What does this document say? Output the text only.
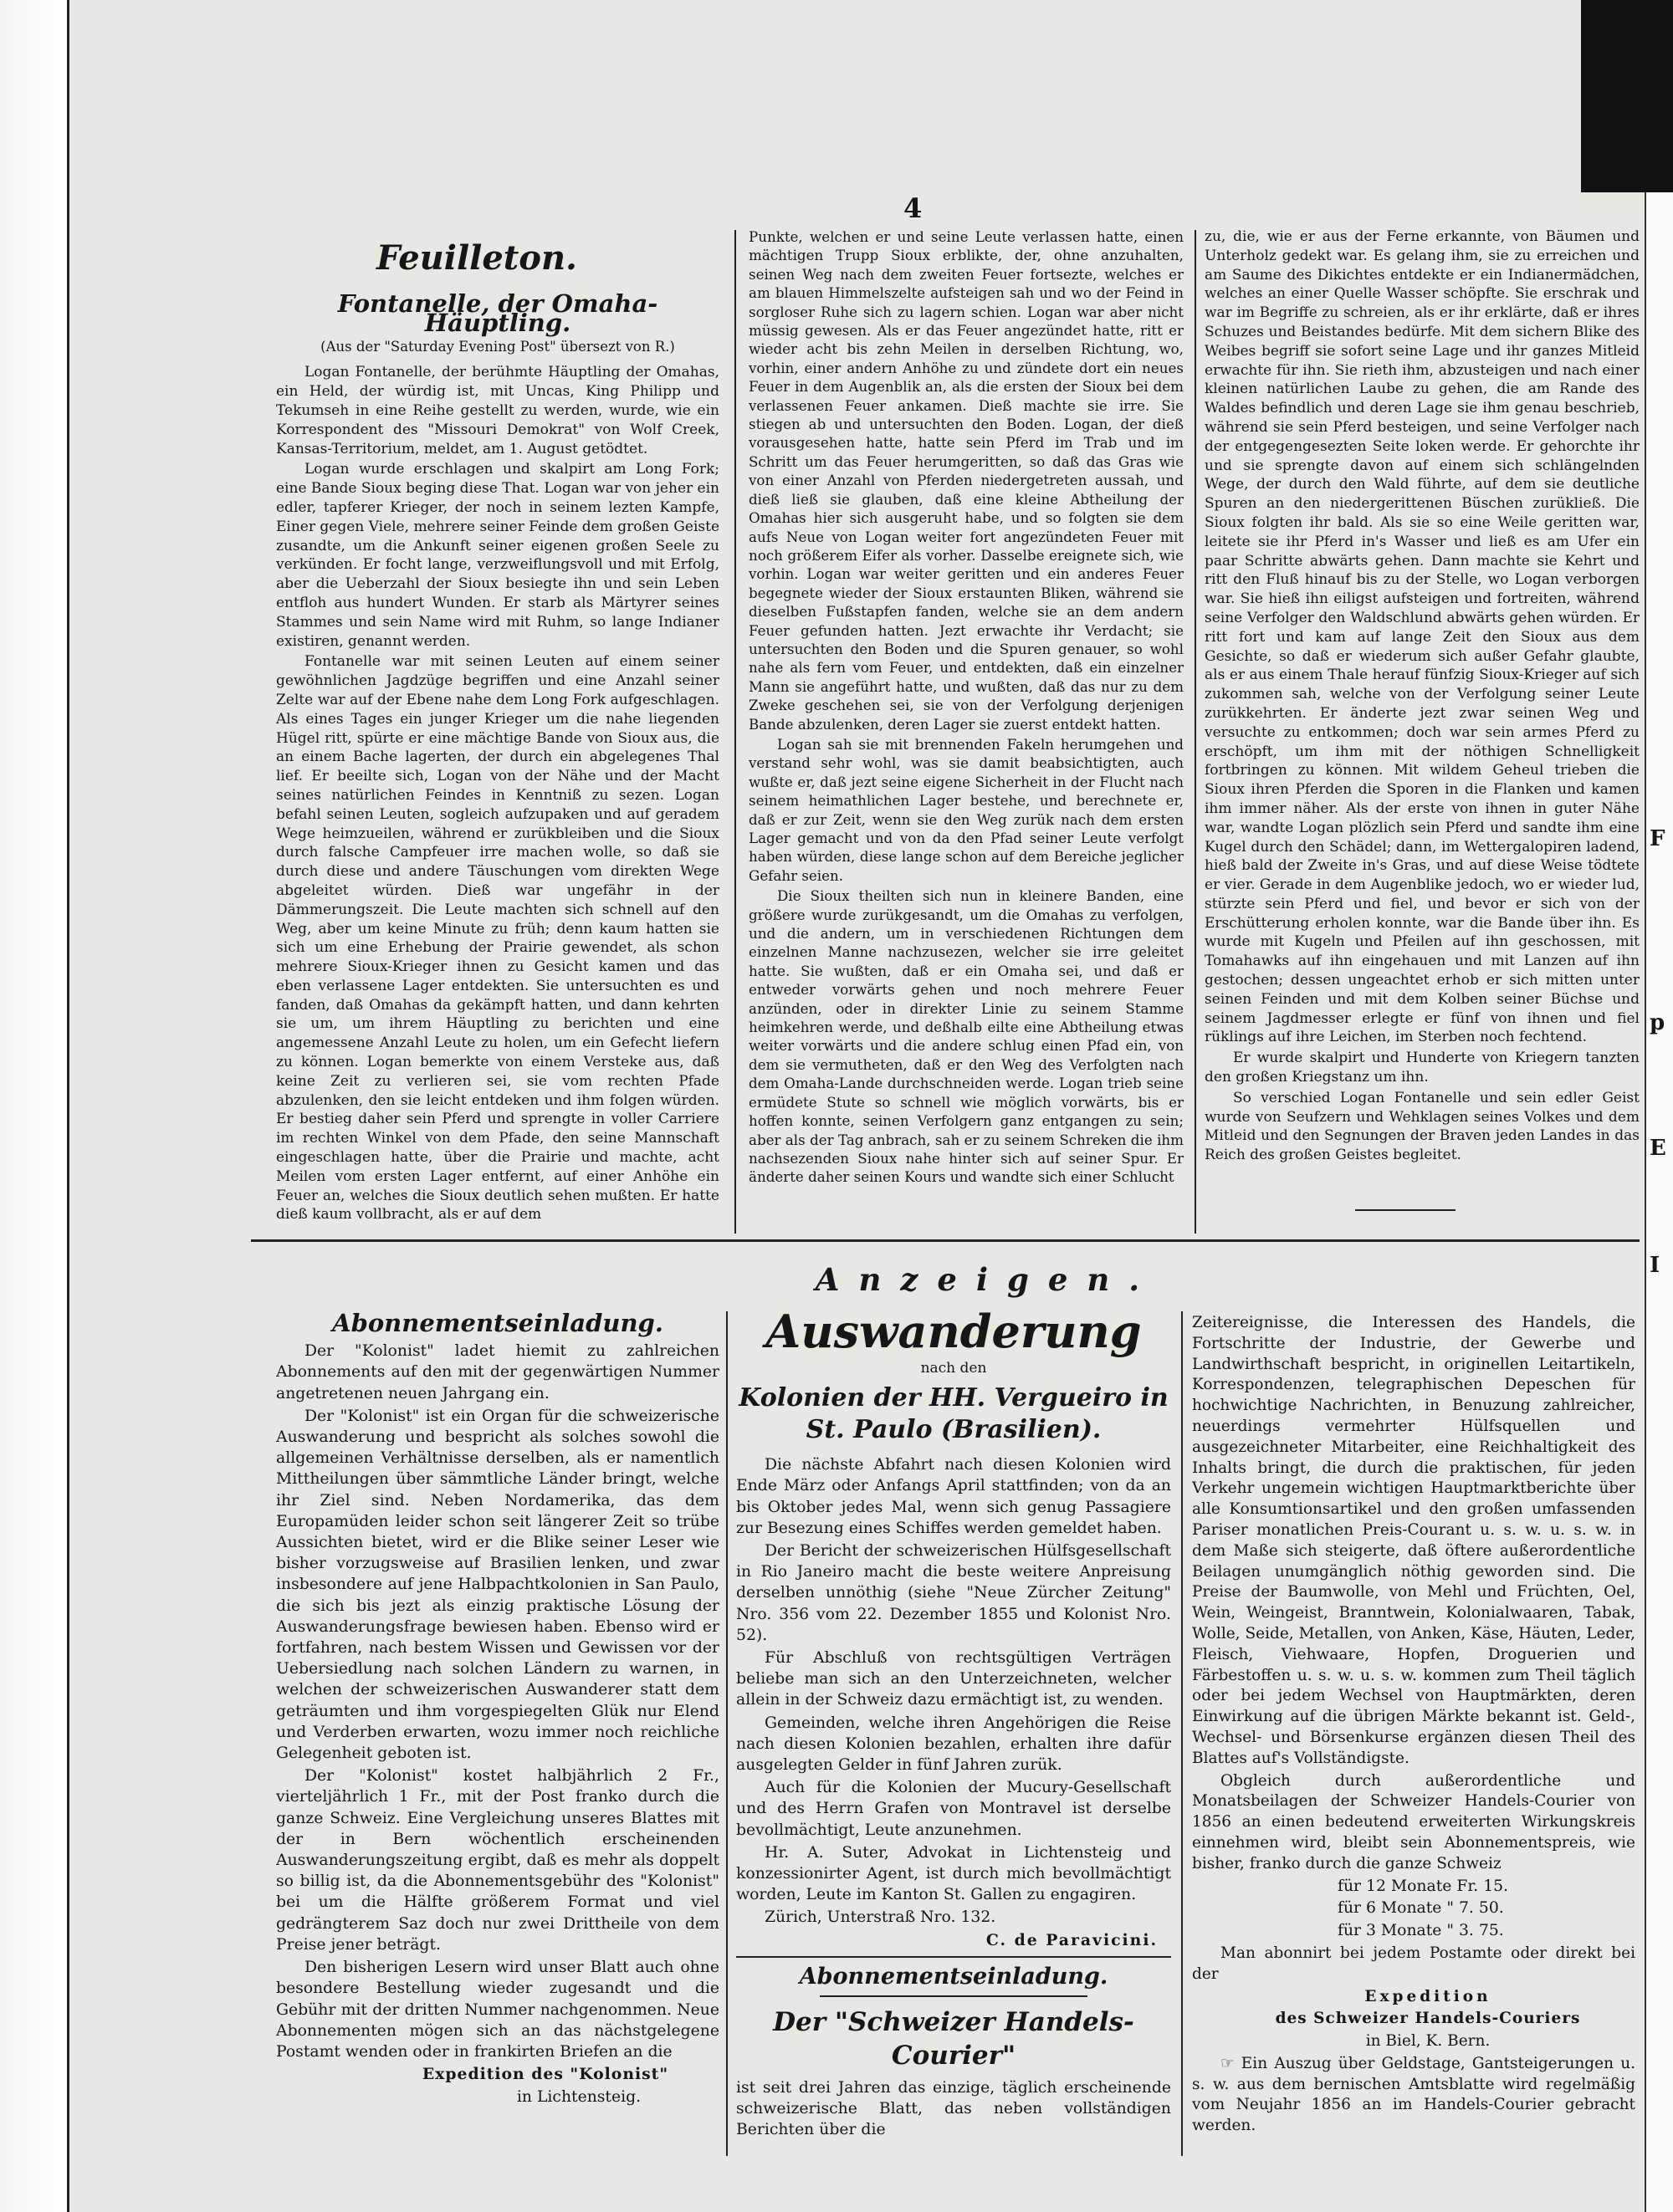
F
p
E
I
4
Feuilleton.
Fontanelle, der Omaha-Häuptling.
(Aus der "Saturday Evening Post" übersezt von R.)

Logan Fontanelle, der berühmte Häuptling der Omahas, ein Held, der würdig ist, mit Uncas, King Philipp und Tekumseh in eine Reihe gestellt zu werden, wurde, wie ein Korrespondent des "Missouri Demokrat" von Wolf Creek, Kansas-Territorium, meldet, am 1. August getödtet.

Logan wurde erschlagen und skalpirt am Long Fork; eine Bande Sioux beging diese That. Logan war von jeher ein edler, tapferer Krieger, der noch in seinem lezten Kampfe, Einer gegen Viele, mehrere seiner Feinde dem großen Geiste zusandte, um die Ankunft seiner eigenen großen Seele zu verkünden. Er focht lange, verzweiflungsvoll und mit Erfolg, aber die Ueberzahl der Sioux besiegte ihn und sein Leben entfloh aus hundert Wunden. Er starb als Märtyrer seines Stammes und sein Name wird mit Ruhm, so lange Indianer existiren, genannt werden.

Fontanelle war mit seinen Leuten auf einem seiner gewöhnlichen Jagdzüge begriffen und eine Anzahl seiner Zelte war auf der Ebene nahe dem Long Fork aufgeschlagen. Als eines Tages ein junger Krieger um die nahe liegenden Hügel ritt, spürte er eine mächtige Bande von Sioux aus, die an einem Bache lagerten, der durch ein abgelegenes Thal lief. Er beeilte sich, Logan von der Nähe und der Macht seines natürlichen Feindes in Kenntniß zu sezen. Logan befahl seinen Leuten, sogleich aufzupaken und auf geradem Wege heimzueilen, während er zurükbleiben und die Sioux durch falsche Campfeuer irre machen wolle, so daß sie durch diese und andere Täuschungen vom direkten Wege abgeleitet würden. Dieß war ungefähr in der Dämmerungszeit. Die Leute machten sich schnell auf den Weg, aber um keine Minute zu früh; denn kaum hatten sie sich um eine Erhebung der Prairie gewendet, als schon mehrere Sioux-Krieger ihnen zu Gesicht kamen und das eben verlassene Lager entdekten. Sie untersuchten es und fanden, daß Omahas da gekämpft hatten, und dann kehrten sie um, um ihrem Häuptling zu berichten und eine angemessene Anzahl Leute zu holen, um ein Gefecht liefern zu können. Logan bemerkte von einem Versteke aus, daß keine Zeit zu verlieren sei, sie vom rechten Pfade abzulenken, den sie leicht entdeken und ihm folgen würden. Er bestieg daher sein Pferd und sprengte in voller Carriere im rechten Winkel von dem Pfade, den seine Mannschaft eingeschlagen hatte, über die Prairie und machte, acht Meilen vom ersten Lager entfernt, auf einer Anhöhe ein Feuer an, welches die Sioux deutlich sehen mußten. Er hatte dieß kaum vollbracht, als er auf dem

Punkte, welchen er und seine Leute verlassen hatte, einen mächtigen Trupp Sioux erblikte, der, ohne anzuhalten, seinen Weg nach dem zweiten Feuer fortsezte, welches er am blauen Himmelszelte aufsteigen sah und wo der Feind in sorgloser Ruhe sich zu lagern schien. Logan war aber nicht müssig gewesen. Als er das Feuer angezündet hatte, ritt er wieder acht bis zehn Meilen in derselben Richtung, wo, vorhin, einer andern Anhöhe zu und zündete dort ein neues Feuer in dem Augenblik an, als die ersten der Sioux bei dem verlassenen Feuer ankamen. Dieß machte sie irre. Sie stiegen ab und untersuchten den Boden. Logan, der dieß vorausgesehen hatte, hatte sein Pferd im Trab und im Schritt um das Feuer herumgeritten, so daß das Gras wie von einer Anzahl von Pferden niedergetreten aussah, und dieß ließ sie glauben, daß eine kleine Abtheilung der Omahas hier sich ausgeruht habe, und so folgten sie dem aufs Neue von Logan weiter fort angezündeten Feuer mit noch größerem Eifer als vorher. Dasselbe ereignete sich, wie vorhin. Logan war weiter geritten und ein anderes Feuer begegnete wieder der Sioux erstaunten Bliken, während sie dieselben Fußstapfen fanden, welche sie an dem andern Feuer gefunden hatten. Jezt erwachte ihr Verdacht; sie untersuchten den Boden und die Spuren genauer, so wohl nahe als fern vom Feuer, und entdekten, daß ein einzelner Mann sie angeführt hatte, und wußten, daß das nur zu dem Zweke geschehen sei, sie von der Verfolgung derjenigen Bande abzulenken, deren Lager sie zuerst entdekt hatten.

Logan sah sie mit brennenden Fakeln herumgehen und verstand sehr wohl, was sie damit beabsichtigten, auch wußte er, daß jezt seine eigene Sicherheit in der Flucht nach seinem heimathlichen Lager bestehe, und berechnete er, daß er zur Zeit, wenn sie den Weg zurük nach dem ersten Lager gemacht und von da den Pfad seiner Leute verfolgt haben würden, diese lange schon auf dem Bereiche jeglicher Gefahr seien.

Die Sioux theilten sich nun in kleinere Banden, eine größere wurde zurükgesandt, um die Omahas zu verfolgen, und die andern, um in verschiedenen Richtungen dem einzelnen Manne nachzusezen, welcher sie irre geleitet hatte. Sie wußten, daß er ein Omaha sei, und daß er entweder vorwärts gehen und noch mehrere Feuer anzünden, oder in direkter Linie zu seinem Stamme heimkehren werde, und deßhalb eilte eine Abtheilung etwas weiter vorwärts und die andere schlug einen Pfad ein, von dem sie vermutheten, daß er den Weg des Verfolgten nach dem Omaha-Lande durchschneiden werde. Logan trieb seine ermüdete Stute so schnell wie möglich vorwärts, bis er hoffen konnte, seinen Verfolgern ganz entgangen zu sein; aber als der Tag anbrach, sah er zu seinem Schreken die ihm nachsezenden Sioux nahe hinter sich auf seiner Spur. Er änderte daher seinen Kours und wandte sich einer Schlucht

zu, die, wie er aus der Ferne erkannte, von Bäumen und Unterholz gedekt war. Es gelang ihm, sie zu erreichen und am Saume des Dikichtes entdekte er ein Indianermädchen, welches an einer Quelle Wasser schöpfte. Sie erschrak und war im Begriffe zu schreien, als er ihr erklärte, daß er ihres Schuzes und Beistandes bedürfe. Mit dem sichern Blike des Weibes begriff sie sofort seine Lage und ihr ganzes Mitleid erwachte für ihn. Sie rieth ihm, abzusteigen und nach einer kleinen natürlichen Laube zu gehen, die am Rande des Waldes befindlich und deren Lage sie ihm genau beschrieb, während sie sein Pferd besteigen, und seine Verfolger nach der entgegengesezten Seite loken werde. Er gehorchte ihr und sie sprengte davon auf einem sich schlängelnden Wege, der durch den Wald führte, auf dem sie deutliche Spuren an den niedergerittenen Büschen zurükließ. Die Sioux folgten ihr bald. Als sie so eine Weile geritten war, leitete sie ihr Pferd in's Wasser und ließ es am Ufer ein paar Schritte abwärts gehen. Dann machte sie Kehrt und ritt den Fluß hinauf bis zu der Stelle, wo Logan verborgen war. Sie hieß ihn eiligst aufsteigen und fortreiten, während seine Verfolger den Waldschlund abwärts gehen würden. Er ritt fort und kam auf lange Zeit den Sioux aus dem Gesichte, so daß er wiederum sich außer Gefahr glaubte, als er aus einem Thale herauf fünfzig Sioux-Krieger auf sich zukommen sah, welche von der Verfolgung seiner Leute zurükkehrten. Er änderte jezt zwar seinen Weg und versuchte zu entkommen; doch war sein armes Pferd zu erschöpft, um ihm mit der nöthigen Schnelligkeit fortbringen zu können. Mit wildem Geheul trieben die Sioux ihren Pferden die Sporen in die Flanken und kamen ihm immer näher. Als der erste von ihnen in guter Nähe war, wandte Logan plözlich sein Pferd und sandte ihm eine Kugel durch den Schädel; dann, im Wettergalopiren ladend, hieß bald der Zweite in's Gras, und auf diese Weise tödtete er vier. Gerade in dem Augenblike jedoch, wo er wieder lud, stürzte sein Pferd und fiel, und bevor er sich von der Erschütterung erholen konnte, war die Bande über ihn. Es wurde mit Kugeln und Pfeilen auf ihn geschossen, mit Tomahawks auf ihn eingehauen und mit Lanzen auf ihn gestochen; dessen ungeachtet erhob er sich mitten unter seinen Feinden und mit dem Kolben seiner Büchse und seinem Jagdmesser erlegte er fünf von ihnen und fiel rüklings auf ihre Leichen, im Sterben noch fechtend.

Er wurde skalpirt und Hunderte von Kriegern tanzten den großen Kriegstanz um ihn.

So verschied Logan Fontanelle und sein edler Geist wurde von Seufzern und Wehklagen seines Volkes und dem Mitleid und den Segnungen der Braven jeden Landes in das Reich des großen Geistes begleitet.

Anzeigen.
Abonnementseinladung.

Der "Kolonist" ladet hiemit zu zahlreichen Abonnements auf den mit der gegenwärtigen Nummer angetretenen neuen Jahrgang ein.

Der "Kolonist" ist ein Organ für die schweizerische Auswanderung und bespricht als solches sowohl die allgemeinen Verhältnisse derselben, als er namentlich Mittheilungen über sämmtliche Länder bringt, welche ihr Ziel sind. Neben Nordamerika, das dem Europamüden leider schon seit längerer Zeit so trübe Aussichten bietet, wird er die Blike seiner Leser wie bisher vorzugsweise auf Brasilien lenken, und zwar insbesondere auf jene Halbpachtkolonien in San Paulo, die sich bis jezt als einzig praktische Lösung der Auswanderungsfrage bewiesen haben. Ebenso wird er fortfahren, nach bestem Wissen und Gewissen vor der Uebersiedlung nach solchen Ländern zu warnen, in welchen der schweizerischen Auswanderer statt dem geträumten und ihm vorgespiegelten Glük nur Elend und Verderben erwarten, wozu immer noch reichliche Gelegenheit geboten ist.

Der "Kolonist" kostet halbjährlich 2 Fr., vierteljährlich 1 Fr., mit der Post franko durch die ganze Schweiz. Eine Vergleichung unseres Blattes mit der in Bern wöchentlich erscheinenden Auswanderungszeitung ergibt, daß es mehr als doppelt so billig ist, da die Abonnementsgebühr des "Kolonist" bei um die Hälfte größerem Format und viel gedrängterem Saz doch nur zwei Drittheile von dem Preise jener beträgt.

Den bisherigen Lesern wird unser Blatt auch ohne besondere Bestellung wieder zugesandt und die Gebühr mit der dritten Nummer nachgenommen. Neue Abonnementen mögen sich an das nächstgelegene Postamt wenden oder in frankirten Briefen an die

Expedition des "Kolonist"

in Lichtensteig.

Auswanderung
nach den
Kolonien der HH. Vergueiro in St. Paulo (Brasilien).

Die nächste Abfahrt nach diesen Kolonien wird Ende März oder Anfangs April stattfinden; von da an bis Oktober jedes Mal, wenn sich genug Passagiere zur Besezung eines Schiffes werden gemeldet haben.

Der Bericht der schweizerischen Hülfsgesellschaft in Rio Janeiro macht die beste weitere Anpreisung derselben unnöthig (siehe "Neue Zürcher Zeitung" Nro. 356 vom 22. Dezember 1855 und Kolonist Nro. 52).

Für Abschluß von rechtsgültigen Verträgen beliebe man sich an den Unterzeichneten, welcher allein in der Schweiz dazu ermächtigt ist, zu wenden.

Gemeinden, welche ihren Angehörigen die Reise nach diesen Kolonien bezahlen, erhalten ihre dafür ausgelegten Gelder in fünf Jahren zurük.

Auch für die Kolonien der Mucury-Gesellschaft und des Herrn Grafen von Montravel ist derselbe bevollmächtigt, Leute anzunehmen.

Hr. A. Suter, Advokat in Lichtensteig und konzessionirter Agent, ist durch mich bevollmächtigt worden, Leute im Kanton St. Gallen zu engagiren.

Zürich, Unterstraß Nro. 132.

C. de Paravicini.

Abonnementseinladung.
Der "Schweizer Handels-Courier"

ist seit drei Jahren das einzige, täglich erscheinende schweizerische Blatt, das neben vollständigen Berichten über die

Zeitereignisse, die Interessen des Handels, die Fortschritte der Industrie, der Gewerbe und Landwirthschaft bespricht, in originellen Leitartikeln, Korrespondenzen, telegraphischen Depeschen für hochwichtige Nachrichten, in Benuzung zahlreicher, neuerdings vermehrter Hülfsquellen und ausgezeichneter Mitarbeiter, eine Reichhaltigkeit des Inhalts bringt, die durch die praktischen, für jeden Verkehr ungemein wichtigen Hauptmarktberichte über alle Konsumtionsartikel und den großen umfassenden Pariser monatlichen Preis-Courant u. s. w. u. s. w. in dem Maße sich steigerte, daß öftere außerordentliche Beilagen unumgänglich nöthig geworden sind. Die Preise der Baumwolle, von Mehl und Früchten, Oel, Wein, Weingeist, Branntwein, Kolonialwaaren, Tabak, Wolle, Seide, Metallen, von Anken, Käse, Häuten, Leder, Fleisch, Viehwaare, Hopfen, Droguerien und Färbestoffen u. s. w. u. s. w. kommen zum Theil täglich oder bei jedem Wechsel von Hauptmärkten, deren Einwirkung auf die übrigen Märkte bekannt ist. Geld-, Wechsel- und Börsenkurse ergänzen diesen Theil des Blattes auf's Vollständigste.

Obgleich durch außerordentliche und Monatsbeilagen der Schweizer Handels-Courier von 1856 an einen bedeutend erweiterten Wirkungskreis einnehmen wird, bleibt sein Abonnementspreis, wie bisher, franko durch die ganze Schweiz

für 12 Monate Fr. 15.

für 6 Monate " 7. 50.

für 3 Monate " 3. 75.

Man abonnirt bei jedem Postamte oder direkt bei der

Expedition

des Schweizer Handels-Couriers

in Biel, K. Bern.

☞ Ein Auszug über Geldstage, Gantsteigerungen u. s. w. aus dem bernischen Amtsblatte wird regelmäßig vom Neujahr 1856 an im Handels-Courier gebracht werden.
